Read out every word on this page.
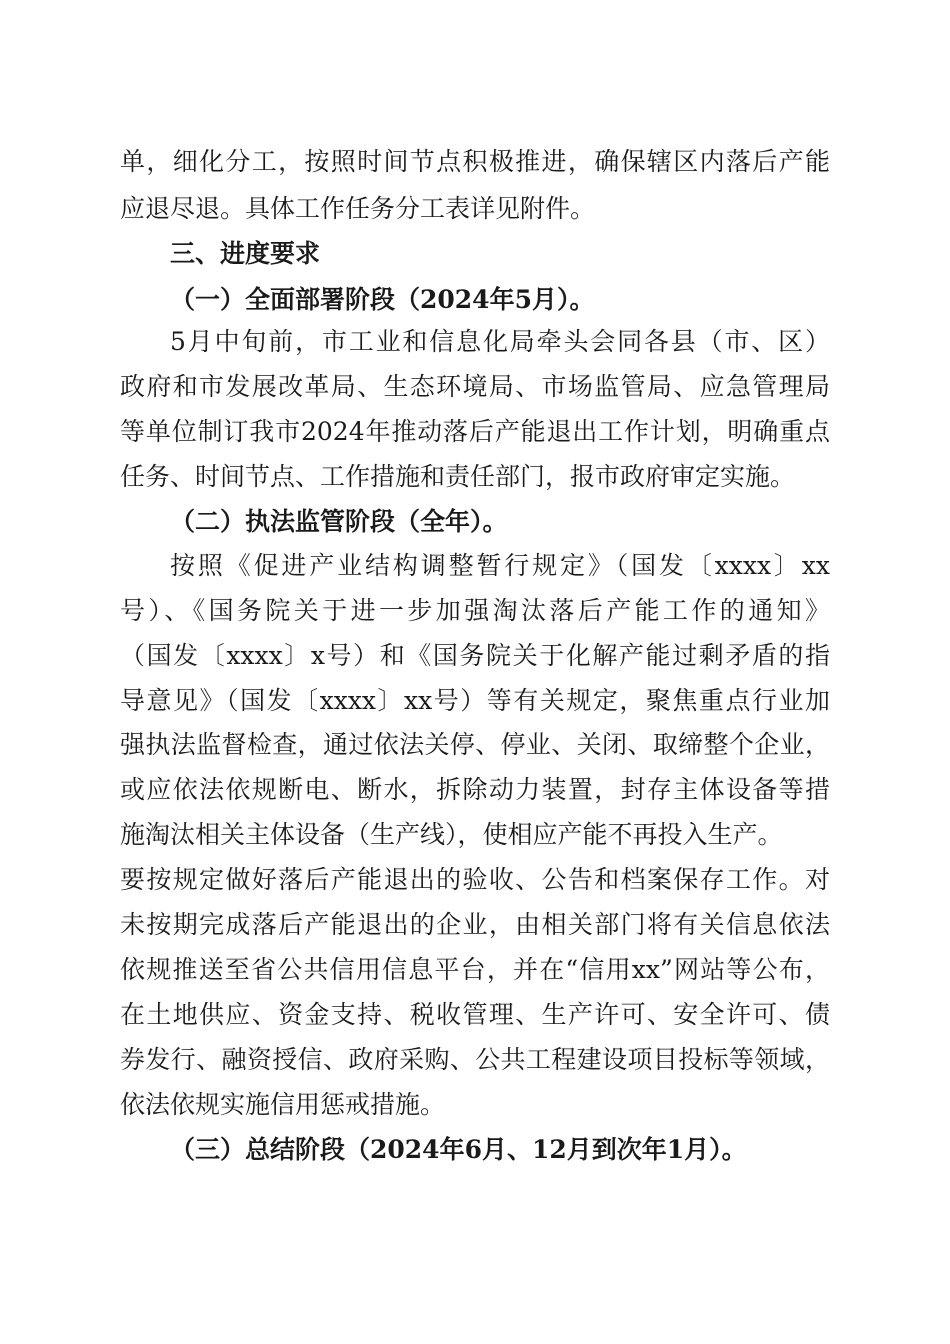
单，细化分工，按照时间节点积极推进，确保辖区内落后产能
应退尽退。具体工作任务分工表详见附件。
三、进度要求
（一）全面部署阶段（2024年5月）。
5月中旬前，市工业和信息化局牵头会同各县（市、区）
政府和市发展改革局、生态环境局、市场监管局、应急管理局
等单位制订我市2024年推动落后产能退出工作计划，明确重点
任务、时间节点、工作措施和责任部门，报市政府审定实施。
（二）执法监管阶段（全年）。
按照《促进产业结构调整暂行规定》（国发〔xxxx〕xx
号）、《国务院关于进一步加强淘汰落后产能工作的通知》
（国发〔xxxx〕x号）和《国务院关于化解产能过剩矛盾的指
导意见》（国发〔xxxx〕xx号）等有关规定，聚焦重点行业加
强执法监督检查，通过依法关停、停业、关闭、取缔整个企业，
或应依法依规断电、断水，拆除动力装置，封存主体设备等措
施淘汰相关主体设备（生产线），使相应产能不再投入生产。
要按规定做好落后产能退出的验收、公告和档案保存工作。对
未按期完成落后产能退出的企业，由相关部门将有关信息依法
依规推送至省公共信用信息平台，并在“信用xx”网站等公布，
在土地供应、资金支持、税收管理、生产许可、安全许可、债
券发行、融资授信、政府采购、公共工程建设项目投标等领域，
依法依规实施信用惩戒措施。
（三）总结阶段（2024年6月、12月到次年1月）。
